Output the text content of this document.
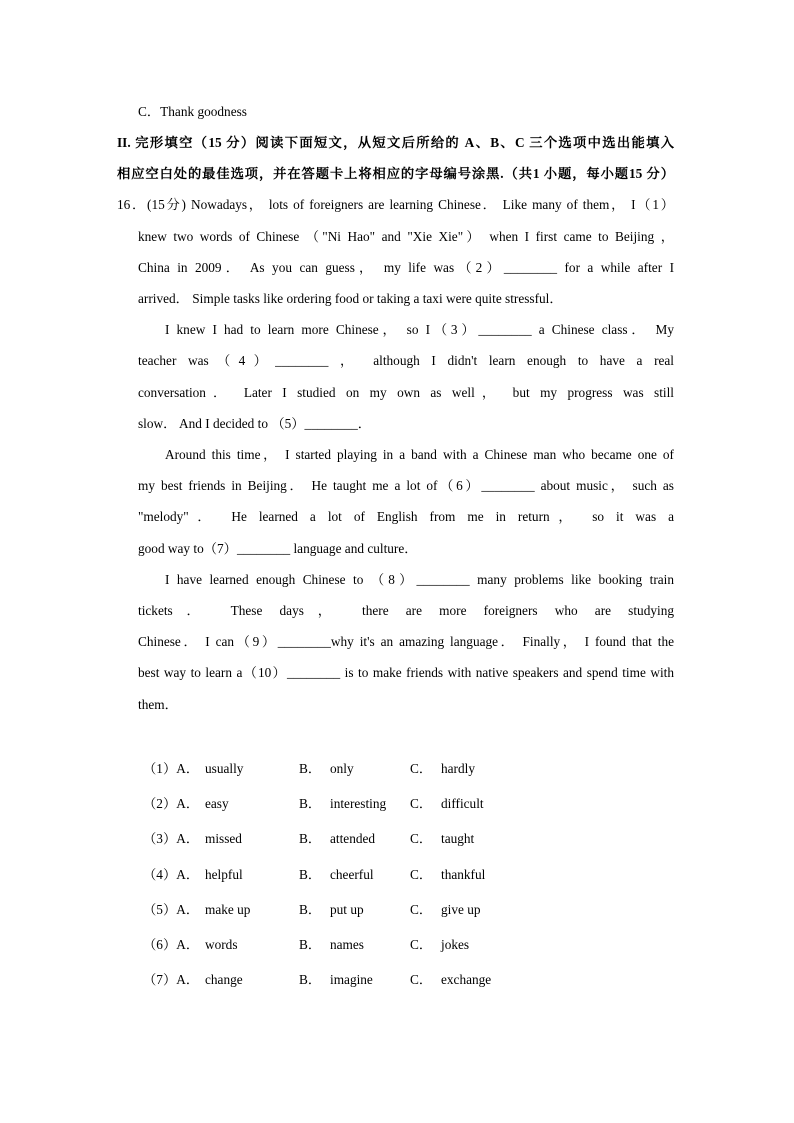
C．Thank goodness
II. 完形填空（15 分）阅读下面短文，从短文后所给的 A、B、C 三个选项中选出能填入
相应空白处的最佳选项，并在答题卡上将相应的字母编号涂黑.（共1 小题，每小题15 分）
16．(15分) Nowadays， lots of foreigners are learning Chinese． Like many of them， I（1）
knew two words of Chinese （"Ni Hao" and "Xie Xie"） when I first came to Beijing ，
China in 2009． As you can guess， my life was（2）________ for a while after I
arrived． Simple tasks like ordering food or taking a taxi were quite stressful．
I knew I had to learn more Chinese， so I（3）________ a Chinese class． My
teacher was（4）________ ， although I didn't learn enough to have a real
conversation． Later I studied on my own as well， but my progress was still
slow． And I decided to （5）________．
Around this time， I started playing in a band with a Chinese man who became one of
my best friends in Beijing． He taught me a lot of（6）________ about music， such as
"melody"． He learned a lot of English from me in return， so it was a
good way to（7）________ language and culture．
I have learned enough Chinese to （8）________ many problems like booking train
tickets． These days， there are more foreigners who are studying
Chinese． I can（9）________why it's an amazing language． Finally， I found that the
best way to learn a（10）________ is to make friends with native speakers and spend time with
them．
（1）A． usually	B． only	C． hardly
（2）A． easy	B． interesting C． difficult
（3）A． missed	B． attended	C． taught
（4）A． helpful	B． cheerful	C． thankful
（5）A． make up	B． put up	C． give up
（6）A． words	B． names	C． jokes
（7）A． change	B． imagine	C． exchange
